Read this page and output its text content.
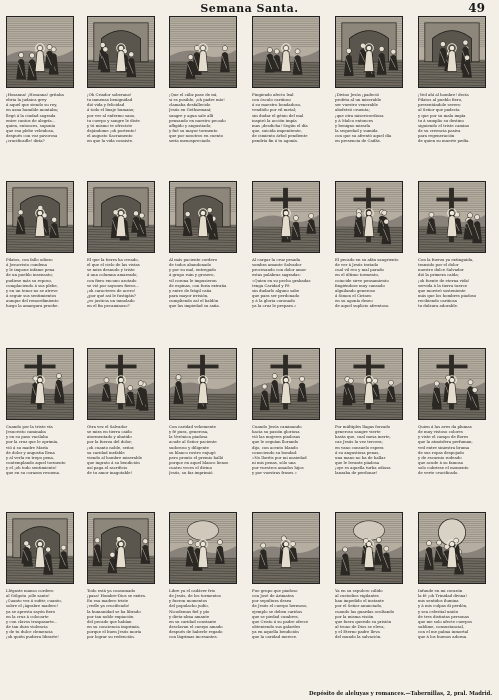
Semana Santa.	49
¡Hosanna! ¡Hosanna! gritaba
ebria la judaica grey
á aquel que siendo su rey,
en asna humilde montaba;
llegó á la ciudad sagrada
entre cantos de alegría...
quien, entonces, suponía
que esa plebe veleidosa,
después con voz pavorosa
¡crucificadle! diría?
¡Oh Criador soberano!
tu inmensa benignidad
dió vida y felicidad
á todo el linaje humano;
por ver al enfermo sano,
tu cuerpo y sangre le diste
y tú mismo te ofreciste
dejándome ¡oh portento!
el augusto Sacramento
en que la vida consiste.
¡Que el cáliz pase de mí,
si es posible, ¡oh padre mío!
clamaba desfallecido
Jesús en Gethsemaní;
sangre y agua sale allí
pensando en nuestro pecado
afligido y angustiado;
y fué su mayor tormento
que por nosotros en cuento
sería menospreciado.
Fingiendo afecto leal
con ósculo cariñoso
á su maestro bondadoso,
vendiólo por vil metal;
sin dudar el génio del mal
inspiró la acción impía
mas ¡desdicha! Según el día
que, suicida impenitente,
de cimiento árbol pendiente
pendría fin á tu agonía.
¡Divino Jesús ¡padeció
profeta al un miserable
ser vuestro venerable
abofeteó cruenta;
¡que otra misericordiosa
y á Malco entonces
y benigno mirarla
la sequedad y sumida
con que su afrentó aquel día
en presencia de Caifás.
¡Ved ahí al hombre! decía
Pilatos al pueblo fiero,
presentándole severo
al Señor que padecía
y que por su mala impía
tu á sumplio su destino
siguiendo el triste camino
de su creencia pasiva
para regeneración
de quien su muerte pedía.
Pilatos, con fallo odioso
á Jesucristo condena
y le impone infame pena
de un pueblo insensato;
pudiese más su reposo,
complaciendo á sus plebe,
y en un tenor no se atreve
á seguir sus sentimientos
aunque del remordimiento
luego la amargura pruebe.
El que la tierra ha creado,
el que el cielo de las vistas
se mira desnudo y triste
á una columna amarrado;
con fiero encono azotado
se vió por sayones fieros...
¡oh caracteres de acero!
¿por qué así le fustigáis?
¿es justicia un inmolado
en el fin pecaminoso?
Al más paciente cordero
de todos abandonado
y por su mal, entregado
á grupo ruin y grosero,
vil corona le impusieron
de espinas, con furia extraña
y entre de frágil caña
para mayor irrisión,
cumpliendo así el baldón
que las impiedad su saña.
Al cargar la cruz pesada
sombra amante Salvador
procesando con dolor amor
estas palabras sagradas:
«Quien en su pecho grabadas
tenga Caridad y Fé
sin dudarlo alguno sabe
que para ser perdonado
y á la gloria coronado
ya la cruz le prepara.»
El pecado en su afán sangriento
de ver á Jesús tratado
cual vil reo y mal parado
en el último tormento,
coincide sirve pensamiento
fingiéndose muy cansado
alguilando generoso
á Simon el Cirineo
en su agonía deseo
de aquel suplicio afrentoso.
Con la fuerza ya extinguida,
transido por el dolor
nuestro dulce Salvador
dió la primera caída;
¡oh fuente de eterna vida!
servida á la tierra tuerce
que morriró sosteniente
más que los hombres piadoso
recibiendo cariñosa
tu dulzura adorable.
Cuando por la triste vía
Jesucristo caminaba
y en su paso vacilaba
por la cruz que le oprimía,
vió á su madre María
de dolor y angustia llena
y al verla en trepo pena,
contemplando aquel tormento
y el ¡oh todo sentimiento!
que en su corazon resuena.
Otra vez el Salvador
se mira en tierra caido
atormentado y abatido
por la fuerza del dolor;
¡oh cuanto noble, señor,
su caridad inefable
viendo al hombre miserable
que ingrato á su bendición
así paga el sacrificio
de tu amor inagotable!
Con caridad vehemente
y fé pura, generosa,
la Verónica piadosa
acude al Señor paciente
sudoroso y diligente
su blanco rostro enjugó
pero pronto el premio halló
porque en aquel blanco lienzo
cuatro veces el divino
Jesús, su faz imprimió.
Cuando Jesús caminando
hacia su pasión gloriosa
vió las mujeres piadosas
que le seguían llorando
dijo, con acento blando
conociendo su bondad:
«No lloréis por mi ansiedad
ni mis penas, sólo una
por vuestros amados hijos
y por vuestras frases.»
Por múltiples llagas forzado
generoso sangre vierte
hasta que, cual mesa inerte,
cae Jesús la vez tercera;
en vano consuelo espera
á su angustiosa penas,
una mano no ha de hallar
que le levante piadosa
¡oye es aquella turba odiosa
lanzaba de perdonar!
Quien á las aves da plumas
de muy vistoso colores
y viste el campo de flores
que la atmósfera perfuman,
ved entre siniestra bruma
de sus ropas despojado
y de escarnio rodeado
que acude á su famosa
solo cubriese el momento
de verte crucificado.
Llégaste manso cordero
al Gólgota ¡oíle santo!
¡Cuanto vez á sufrir, cuanto,
sobre el ¡ágrabre madero!
ya se apresta sayón fiero
en la cruz á colocarte
y con clavos traspasarte...
de tan dura violencia
y de tu dulce clemencia
¡oh quién pudiera librarte!
Todo está ya consumado
¡pasa! Hombre-Dios se exitra.
En esa madero triste
¡vedle ya crucificado!
la humanidad se ha librado
por tan noble expiación
del pecado que habían
en su conciencia imprimía,
porque el buen Jesús moría
por lograr su redención.
Libre ya el cadáver frío
de Jesús, de los tormentos
y fueron momentos
del populacho judío,
Nicodemus fiel y pío
y dieta-alma amante
en su caridad constante
desclavan el cuerpo amado
después de haberle regado
con lágrimas incesantes.
Fue grupo que piadoso
con José de Arimatea
por sepultura desea
de Jesús el cuerpo hermoso,
ejemplo se deben cariños
que se piedad cumbres,
que Cristo á su padre ofrece
obteniendo sus galardes
ya en aquella bendición
que la caridad merece.
Ya en su sepulcro cálido
al custodios vigilantes
han impedido el instante
por el Señor anunciado,
cuando las guardas ocultando
por la misma visión
que fuera querido su prisión
al trono de Dios se eleva,
y el Eterno padre lleva
del mundo la salvación.
Infunde en mi corazón
la fé ¡oh Trinidad divina!
mis sentidos ilumina
y á mis culpas di perdón,
y sea celestial unión
de tres distintas personas
que me solo afecte cuerpos
sublime, consustancial,
con el me palma inmortal
que á los buenos adorna.
Depósito de aleluyas y romances.—Tabernillas, 2, pral. Madrid.
